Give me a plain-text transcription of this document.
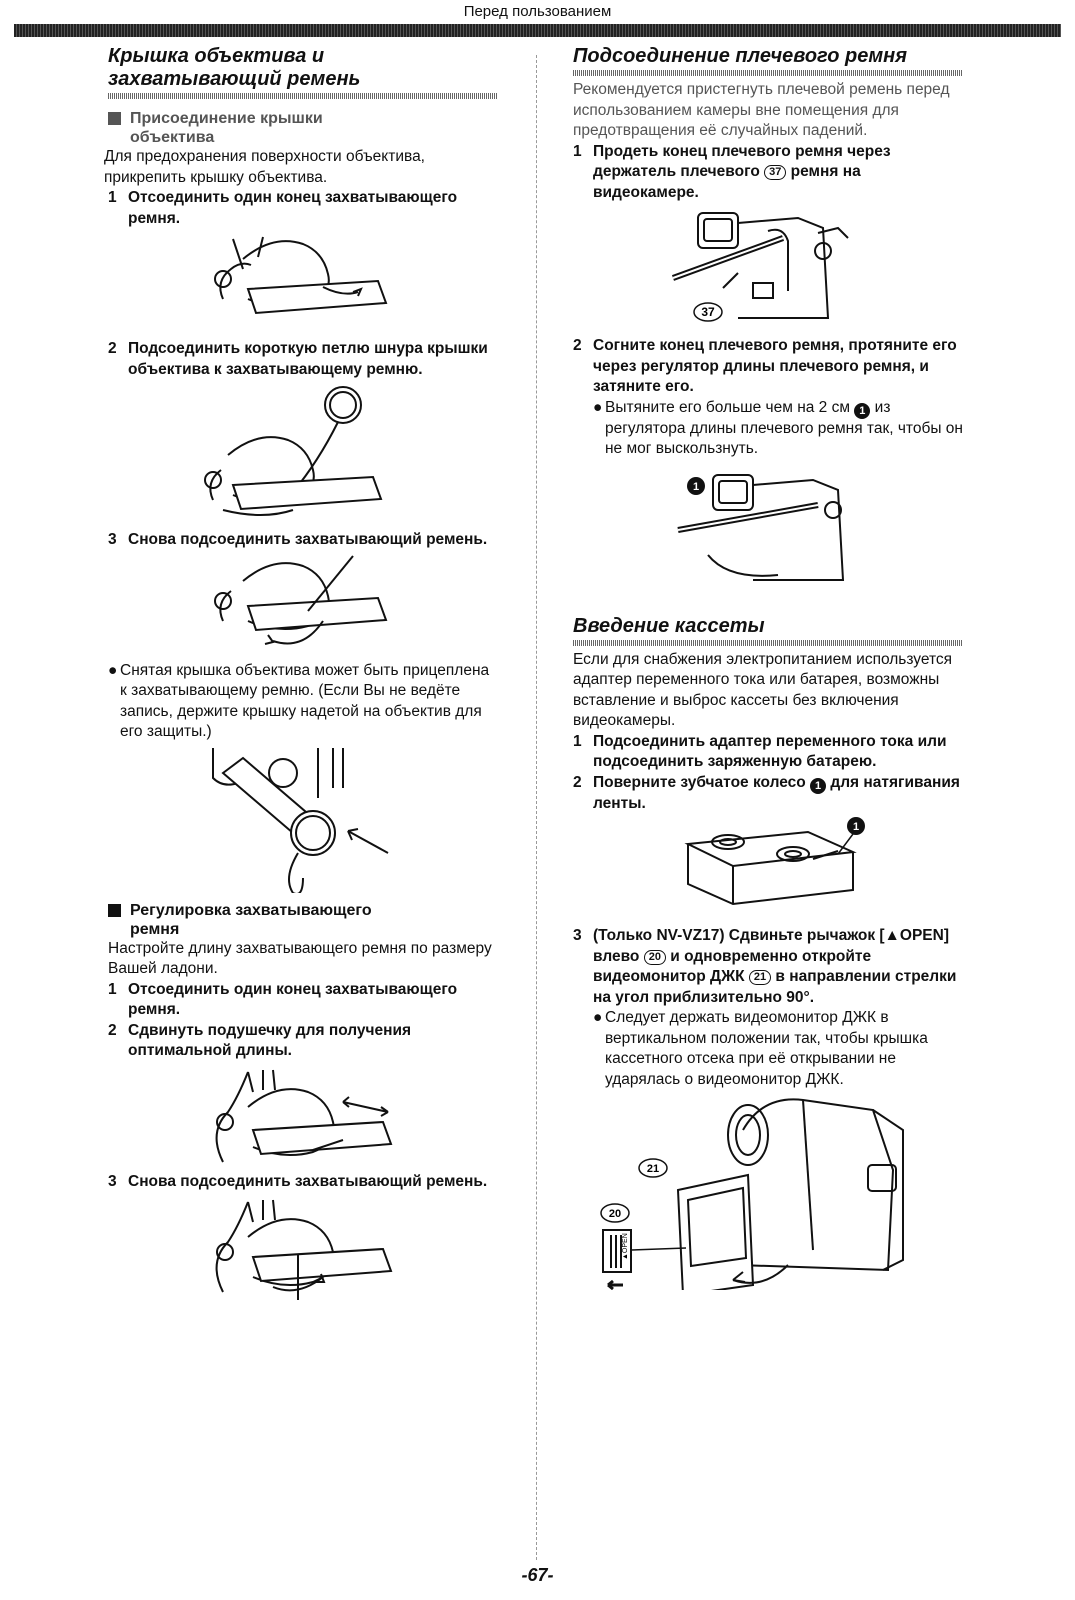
Перед пользованием
Крышка объектива и
захватывающий ремень
Присоединение крышки
объектива

Для предохранения поверхности объектива, прикрепить крышку объектива.

1 Отсоединить один конец захватывающего ремня.
2 Подсоединить короткую петлю шнура крышки объектива к захватывающему ремню.
3 Снова подсоединить захватывающий ремень.
● Снятая крышка объектива может быть прицеплена к захватывающему ремню. (Если Вы не ведёте запись, держите крышку надетой на объектив для его защиты.)
Регулировка захватывающего
ремня

Настройте длину захватывающего ремня по размеру Вашей ладони.

1 Отсоединить один конец захватывающего ремня.
2 Сдвинуть подушечку для получения оптимальной длины.
3 Снова подсоединить захватывающий ремень.
Подсоединение плечевого ремня

Рекомендуется пристегнуть плечевой ремень перед использованием камеры вне помещения для предотвращения её случайных падений.

1 Продеть конец плечевого ремня через держатель плечевого 37 ремня на видеокамере.
37
2 Согните конец плечевого ремня, протяните его через регулятор длины плечевого ремня, и затяните его.
● Вытяните его больше чем на 2 см 1 из регулятора длины плечевого ремня так, чтобы он не мог выскользнуть.
1
Введение кассеты

Если для снабжения электропитанием используется адаптер переменного тока или батарея, возможны вставление и выброс кассеты без включения видеокамеры.

1 Подсоединить адаптер переменного тока или подсоединить заряженную батарею.
2 Поверните зубчатое колесо 1 для натягивания ленты.
1
3 (Только NV-VZ17) Сдвиньте рычажок [▲OPEN] влево 20 и одновременно откройте видеомонитор ДЖК 21 в направлении стрелки на угол приблизительно 90°.
● Следует держать видеомонитор ДЖК в вертикальном положении так, чтобы крышка кассетного отсека при её открывании не ударялась о видеомонитор ДЖК.
21
20
▲OPEN
-67-
